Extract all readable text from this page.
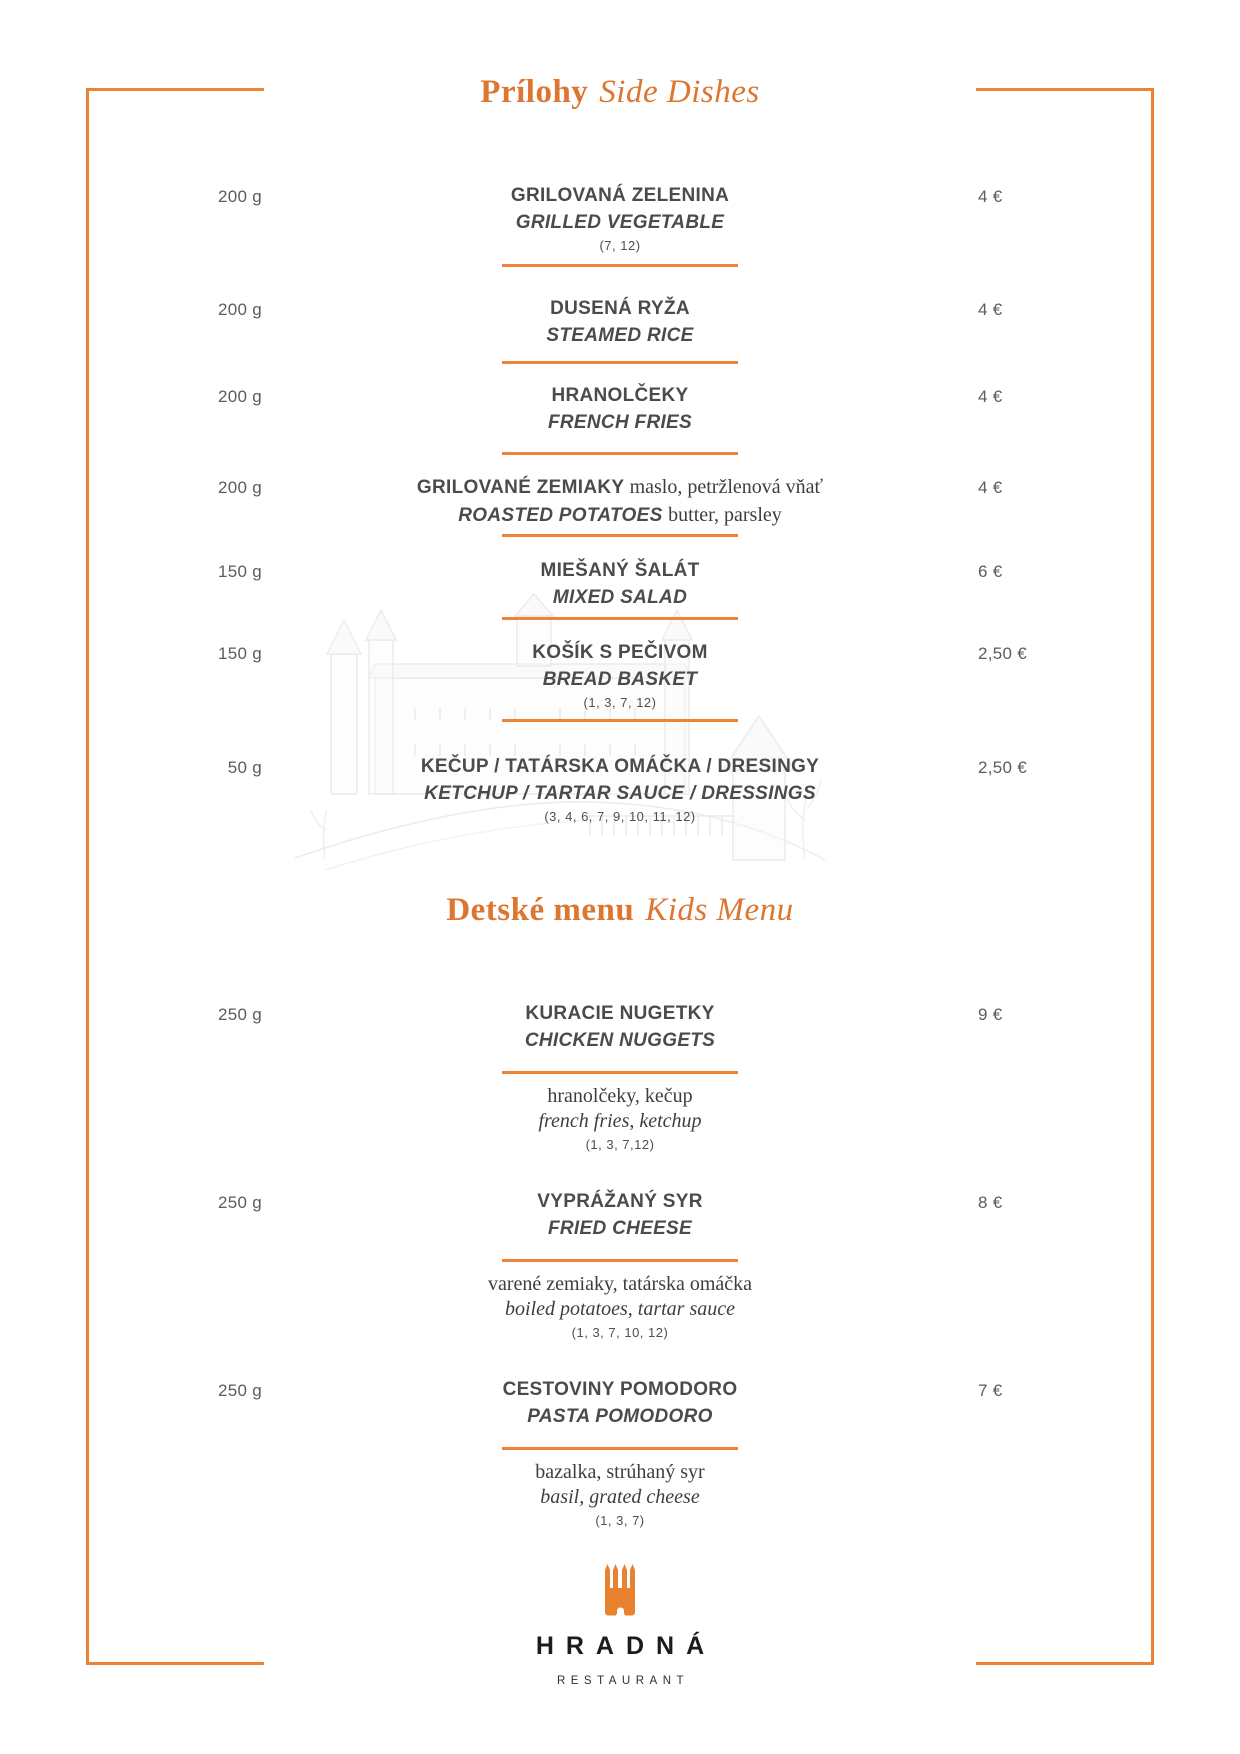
Prílohy Side Dishes
200 g	GRILOVANÁ ZELENINA
GRILLED VEGETABLE
(7, 12)
4 €
200 g	DUSENÁ RYŽA
STEAMED RICE
4 €
200 g	HRANOLČEKY
FRENCH FRIES
4 €
200 g	GRILOVANÉ ZEMIAKY maslo, petržlenová vňať
ROASTED POTATOES butter, parsley
4 €
150 g	MIEŠANÝ ŠALÁT
MIXED SALAD
6 €
150 g	KOŠÍK S PEČIVOM
BREAD BASKET
(1, 3, 7, 12)
2,50 €
50 g	KEČUP / TATÁRSKA OMÁČKA / DRESINGY
KETCHUP / TARTAR SAUCE / DRESSINGS
(3, 4, 6, 7, 9, 10, 11, 12)
2,50 €
Detské menu Kids Menu
250 g	KURACIE NUGETKY
CHICKEN NUGGETS
9 €
hranolčeky, kečup
french fries, ketchup
(1, 3, 7,12)
250 g	VYPRÁŽANÝ SYR
FRIED CHEESE
8 €
varené zemiaky, tatárska omáčka
boiled potatoes, tartar sauce
(1, 3, 7, 10, 12)
250 g	CESTOVINY POMODORO
PASTA POMODORO
7 €
bazalka, strúhaný syr
basil, grated cheese
(1, 3, 7)
HRADNÁ
RESTAURANT
